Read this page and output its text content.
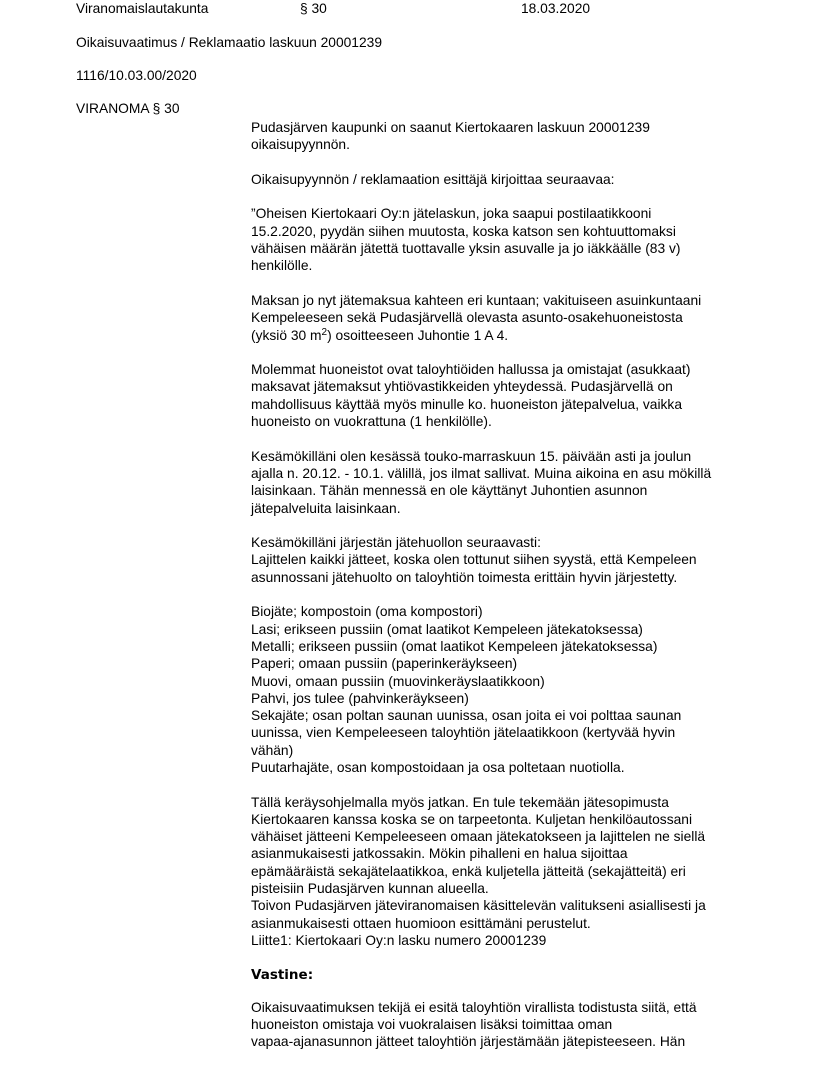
Viranomaislautakunta	§ 30	18.03.2020
Oikaisuvaatimus / Reklamaatio laskuun 20001239
1116/10.03.00/2020
VIRANOMA § 30

Pudasjärven kaupunki on saanut Kiertokaaren laskuun 20001239
oikaisupyynnön.

Oikaisupyynnön / reklamaation esittäjä kirjoittaa seuraavaa:

”Oheisen Kiertokaari Oy:n jätelaskun, joka saapui postilaatikkooni
15.2.2020, pyydän siihen muutosta, koska katson sen kohtuuttomaksi
vähäisen määrän jätettä tuottavalle yksin asuvalle ja jo iäkkäälle (83 v)
henkilölle.

Maksan jo nyt jätemaksua kahteen eri kuntaan; vakituiseen asuinkuntaani
Kempeleeseen sekä Pudasjärvellä olevasta asunto-osakehuoneistosta
(yksiö 30 $m^2$) osoitteeseen Juhontie 1 A 4.

Molemmat huoneistot ovat taloyhtiöiden hallussa ja omistajat (asukkaat)
maksavat jätemaksut yhtiövastikkeiden yhteydessä. Pudasjärvellä on
mahdollisuus käyttää myös minulle ko. huoneiston jätepalvelua, vaikka
huoneisto on vuokrattuna (1 henkilölle).

Kesämökilläni olen kesässä touko-marraskuun 15. päivään asti ja joulun
ajalla n. 20.12. - 10.1. välillä, jos ilmat sallivat. Muina aikoina en asu mökillä
laisinkaan. Tähän mennessä en ole käyttänyt Juhontien asunnon
jätepalveluita laisinkaan.

Kesämökilläni järjestän jätehuollon seuraavasti:
Lajittelen kaikki jätteet, koska olen tottunut siihen syystä, että Kempeleen
asunnossani jätehuolto on taloyhtiön toimesta erittäin hyvin järjestetty.

Biojäte; kompostoin (oma kompostori)
Lasi; erikseen pussiin (omat laatikot Kempeleen jätekatoksessa)
Metalli; erikseen pussiin (omat laatikot Kempeleen jätekatoksessa)
Paperi; omaan pussiin (paperinkeräykseen)
Muovi, omaan pussiin (muovinkeräyslaatikkoon)
Pahvi, jos tulee (pahvinkeräykseen)
Sekajäte; osan poltan saunan uunissa, osan joita ei voi polttaa saunan
uunissa, vien Kempeleeseen taloyhtiön jätelaatikkoon (kertyvää hyvin
vähän)
Puutarhajäte, osan kompostoidaan ja osa poltetaan nuotiolla.

Tällä keräysohjelmalla myös jatkan. En tule tekemään jätesopimusta
Kiertokaaren kanssa koska se on tarpeetonta. Kuljetan henkilöautossani
vähäiset jätteeni Kempeleeseen omaan jätekatokseen ja lajittelen ne siellä
asianmukaisesti jatkossakin. Mökin pihalleni en halua sijoittaa
epämääräistä sekajätelaatikkoa, enkä kuljetella jätteitä (sekajätteitä) eri
pisteisiin Pudasjärven kunnan alueella.
Toivon Pudasjärven jäteviranomaisen käsittelevän valitukseni asiallisesti ja
asianmukaisesti ottaen huomioon esittämäni perustelut.
Liitte1: Kiertokaari Oy:n lasku numero 20001239

Vastine:

Oikaisuvaatimuksen tekijä ei esitä taloyhtiön virallista todistusta siitä, että
huoneiston omistaja voi vuokralaisen lisäksi toimittaa oman
vapaa-ajanasunnon jätteet taloyhtiön järjestämään jätepisteeseen. Hän
